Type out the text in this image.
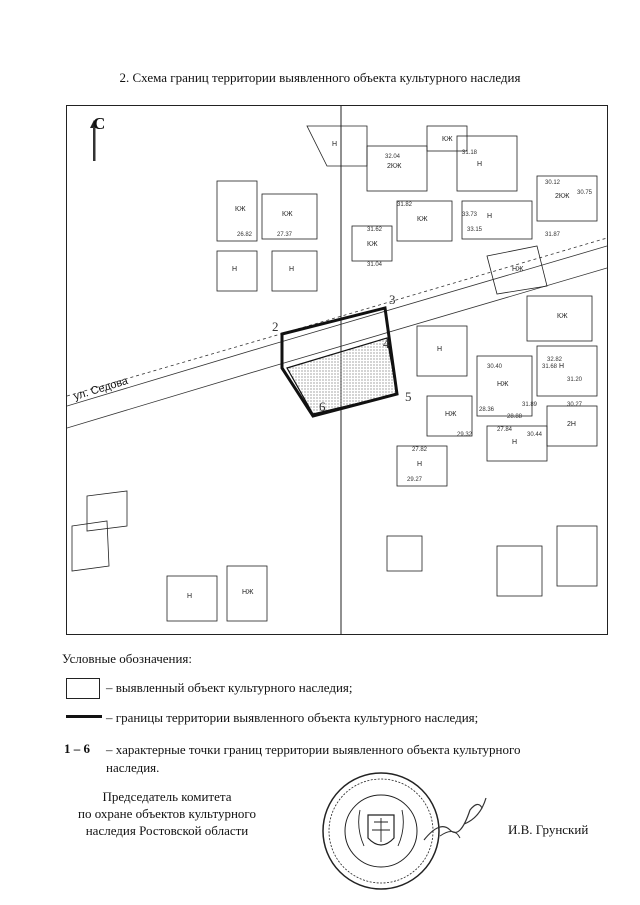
2. Схема границ территории выявленного объекта культурного наследия
2
3
4
5
6
ул. Седова
КЖ
КЖ
2КЖ
КЖ
Н
Н
2КЖ
КЖ
КЖ
Н
Н
Н
НЖ
НЖ
Н
НЖ
Н
Н
2Н
КЖ
Н
Н
НЖ
32.04
31.18
31.82
33.15
31.62
30.12
31.87
30.40
31.89
28.36
28.88
27.84
30.27
27.82
29.32
31.68
30.44
31.20
32.82
33.73
30.75
29.27
31.04
26.82	27.37
С
Условные обозначения:
– выявленный объект культурного наследия;
– границы территории выявленного объекта культурного наследия;
1 – 6 – характерные точки границ территории выявленного объекта культурного наследия.
Председатель комитета
по охране объектов культурного
наследия Ростовской области	И.В. Грунский
